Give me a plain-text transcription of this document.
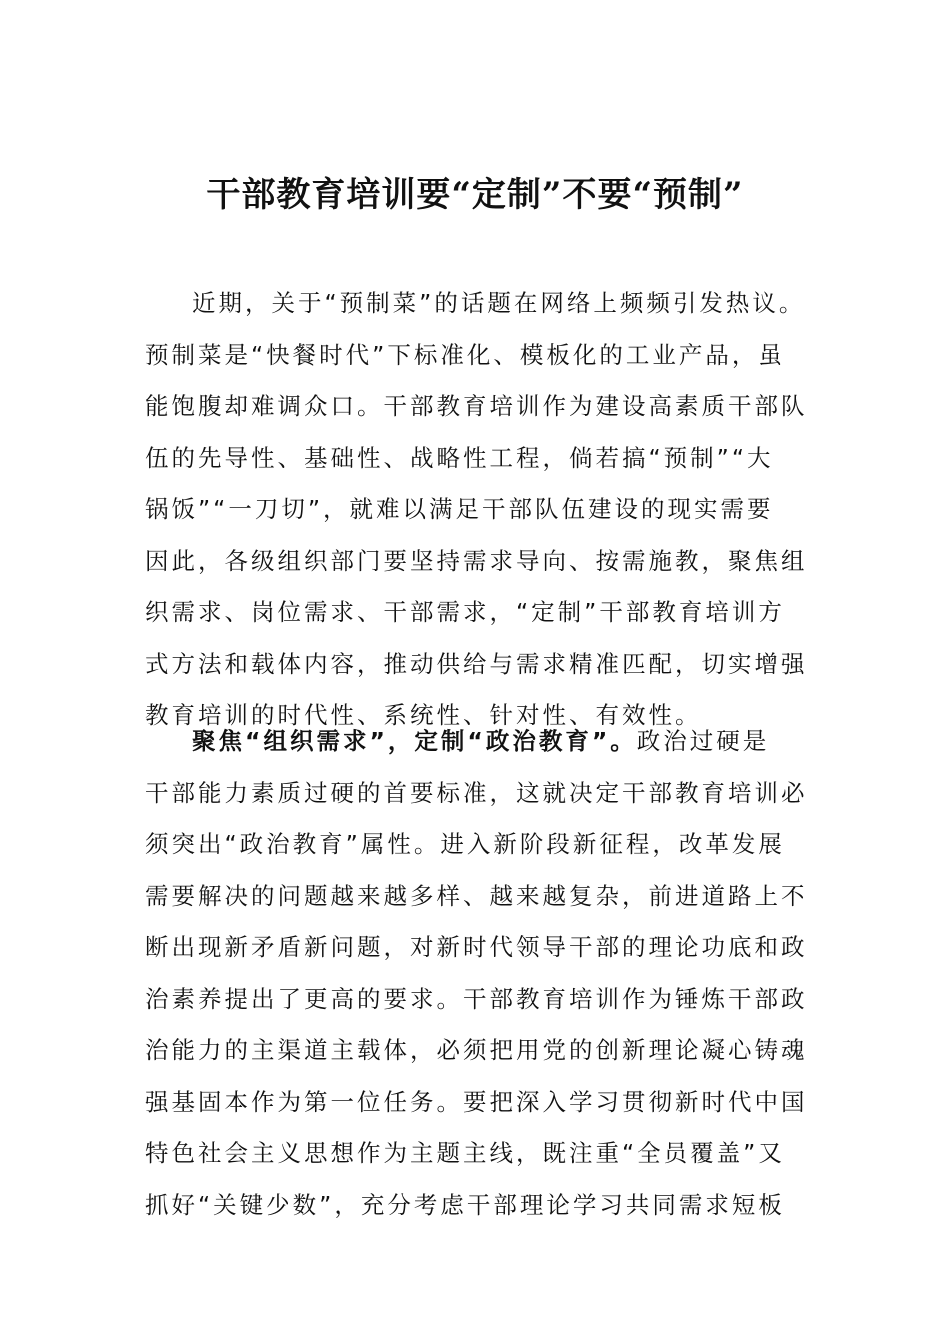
干部教育培训要“定制”不要“预制”
近期，关于“预制菜”的话题在网络上频频引发热议。
预制菜是“快餐时代”下标准化、模板化的工业产品，虽
能饱腹却难调众口。干部教育培训作为建设高素质干部队
伍的先导性、基础性、战略性工程，倘若搞“预制”“大
锅饭”“一刀切”，就难以满足干部队伍建设的现实需要
因此，各级组织部门要坚持需求导向、按需施教，聚焦组
织需求、岗位需求、干部需求，“定制”干部教育培训方
式方法和载体内容，推动供给与需求精准匹配，切实增强
教育培训的时代性、系统性、针对性、有效性。
聚焦“组织需求”，定制“政治教育”。政治过硬是
干部能力素质过硬的首要标准，这就决定干部教育培训必
须突出“政治教育”属性。进入新阶段新征程，改革发展
需要解决的问题越来越多样、越来越复杂，前进道路上不
断出现新矛盾新问题，对新时代领导干部的理论功底和政
治素养提出了更高的要求。干部教育培训作为锤炼干部政
治能力的主渠道主载体，必须把用党的创新理论凝心铸魂
强基固本作为第一位任务。要把深入学习贯彻新时代中国
特色社会主义思想作为主题主线，既注重“全员覆盖”又
抓好“关键少数”，充分考虑干部理论学习共同需求短板
